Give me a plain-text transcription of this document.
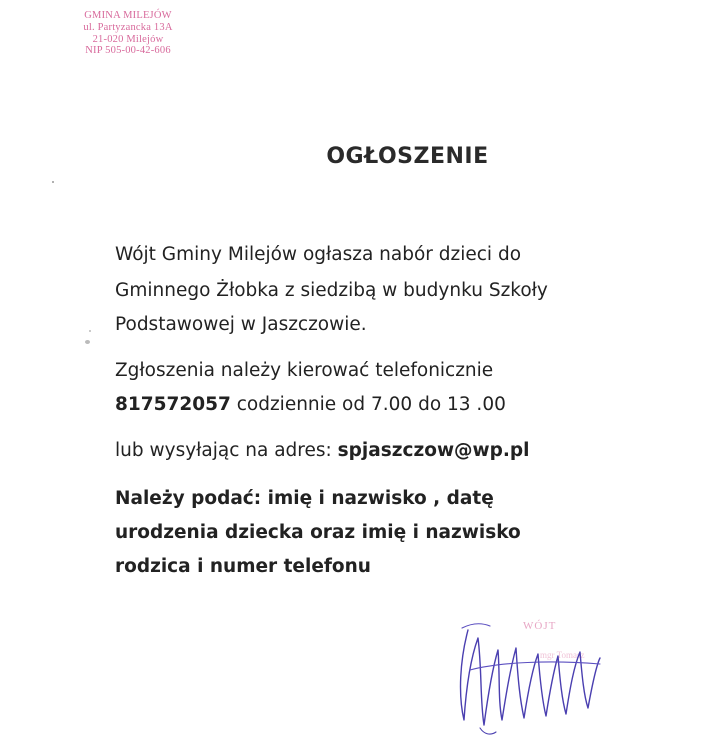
GMINA MILEJÓW
ul. Partyzancka 13A
21-020 Milejów
NIP 505-00-42-606
OGŁOSZENIE
Wójt Gminy Milejów ogłasza nabór dzieci do
Gminnego Żłobka z siedzibą w budynku Szkoły
Podstawowej w Jaszczowie.
Zgłoszenia należy kierować telefonicznie
817572057 codziennie od 7.00 do 13 .00
lub wysyłając na adres: spjaszczow@wp.pl
Należy podać: imię i nazwisko , datę urodzenia dziecka oraz imię i nazwisko rodzica i numer telefonu
WÓJT
mgr Tomasz
